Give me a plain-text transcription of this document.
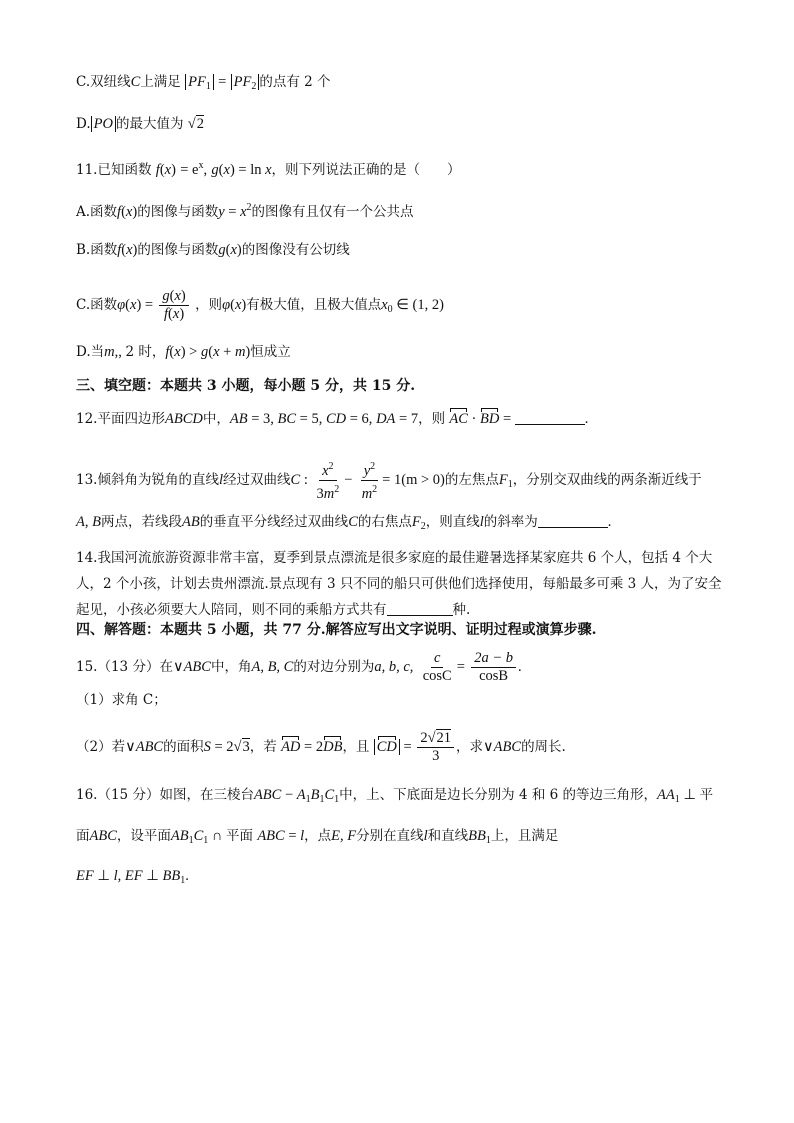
C.双纽线C上满足 $PF_1 = PF_2$ 的点有 2 个
D. PO 的最大值为 √2
11.已知函数 $f(x) = e^x$, g(x) = ln x，则下列说法正确的是（　　）
A.函数f(x)的图像与函数$y = x^2$的图像有且仅有一个公共点
B.函数f(x)的图像与函数g(x)的图像没有公切线
C.函数$\varphi(x) = \frac{g(x)}{f(x)}$ ，则φ(x)有极大值，且极大值点$x_0$ ∈ (1, 2)
D.当m,, 2 时，f(x) > g(x + m)恒成立
三、填空题：本题共 3 小题，每小题 5 分，共 15 分.
12.平面四边形ABCD中，AB = 3, BC = 5, CD = 6, DA = 7，则 AC · BD =	.
13.倾斜角为锐角的直线l经过双曲线C : $\frac{x^2}{3m^2} - \frac{y^2}{m^2} = 1(m > 0)$的左焦点$F_1$，分别交双曲线的两条渐近线于
A, B两点，若线段AB的垂直平分线经过双曲线C的右焦点$F_2$，则直线l的斜率为	.
14.我国河流旅游资源非常丰富，夏季到景点漂流是很多家庭的最佳避暑选择某家庭共 6 个人，包括 4 个大人，2 个小孩，计划去贵州漂流.景点现有 3 只不同的船只可供他们选择使用，每船最多可乘 3 人，为了安全起见，小孩必须要大人陪同，则不同的乘船方式共有	种.
四、解答题：本题共 5 小题，共 77 分.解答应写出文字说明、证明过程或演算步骤.
15.（13 分）在∨ABC中，角A, B, C的对边分别为a, b, c, $\frac{c}{\cos C} = \frac{2a - b}{\cos B}$ .
（1）求角 C；
（2）若∨ABC的面积S = 2√3，若 AD = 2DB，且 CD = $\frac{2√21}{3}$ ，求∨ABC的周长.
16.（15 分）如图，在三棱台ABC − $A_1B_1C_1$中，上、下底面是边长分别为 4 和 6 的等边三角形，$AA_1$ ⊥ 平
面ABC，设平面$AB_1C_1$ ∩ 平面 ABC = l，点E, F分别在直线l和直线$BB_1$上，且满足
EF ⊥ l, EF ⊥ $BB_1$.
